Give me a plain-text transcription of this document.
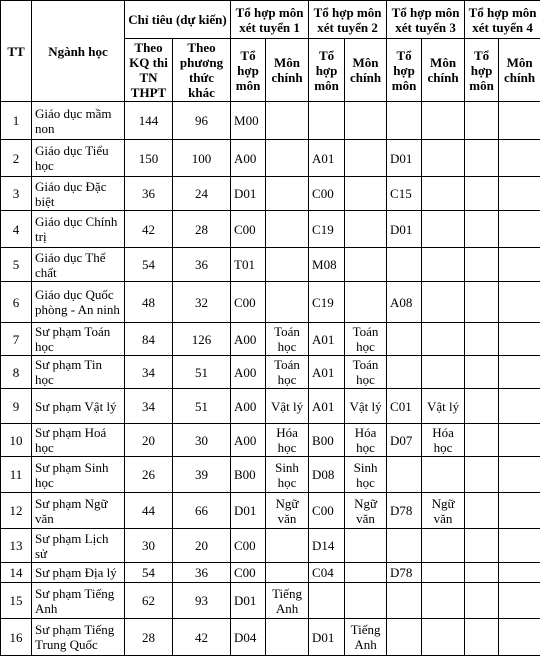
TT	Ngành học	Chỉ tiêu (dự kiến)		Tổ hợp môn xét tuyển 1		Tổ hợp môn xét tuyển 2		Tổ hợp môn xét tuyển 3		Tổ hợp môn xét tuyển 4	
		Theo KQ thi TN THPT	Theo phương thức khác	Tổ hợp môn	Môn chính	Tổ hợp môn	Môn chính	Tổ hợp môn	Môn chính	Tổ hợp môn	Môn chính
1	Giáo dục mầm non	144	96	M00							
2	Giáo dục Tiểu học	150	100	A00		A01		D01			
3	Giáo dục Đặc biệt	36	24	D01		C00		C15			
4	Giáo dục Chính trị	42	28	C00		C19		D01			
5	Giáo dục Thể chất	54	36	T01		M08					
6	Giáo dục Quốc phòng - An ninh	48	32	C00		C19		A08			
7	Sư phạm Toán học	84	126	A00	Toán học	A01	Toán học				
8	Sư phạm Tin học	34	51	A00	Toán học	A01	Toán học				
9	Sư phạm Vật lý	34	51	A00	Vật lý	A01	Vật lý	C01	Vật lý		
10	Sư phạm Hoá học	20	30	A00	Hóa học	B00	Hóa học	D07	Hóa học		
11	Sư phạm Sinh học	26	39	B00	Sinh học	D08	Sinh học				
12	Sư phạm Ngữ văn	44	66	D01	Ngữ văn	C00	Ngữ văn	D78	Ngữ văn		
13	Sư phạm Lịch sử	30	20	C00		D14					
14	Sư phạm Địa lý	54	36	C00		C04		D78			
15	Sư phạm Tiếng Anh	62	93	D01	Tiếng Anh						
16	Sư phạm Tiếng Trung Quốc	28	42	D04		D01	Tiếng Anh				
